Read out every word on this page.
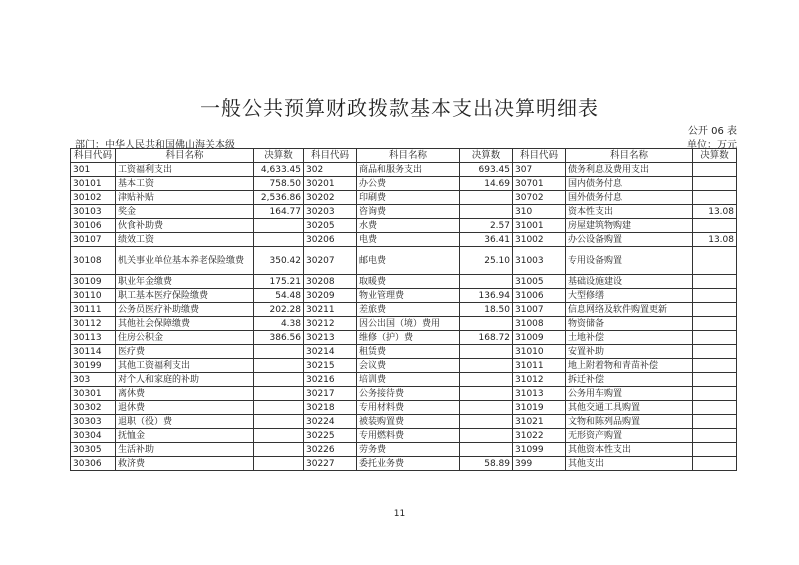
一般公共预算财政拨款基本支出决算明细表
公开 06 表
部门：中华人民共和国佛山海关本级	单位：万元
科目代码	科目名称	决算数	科目代码	科目名称	决算数	科目代码	科目名称	决算数
301	工资福利支出	4,633.45	302	商品和服务支出	693.45	307	债务利息及费用支出	
30101	基本工资	758.50	30201	办公费	14.69	30701	国内债务付息	
30102	津贴补贴	2,536.86	30202	印刷费		30702	国外债务付息	
30103	奖金	164.77	30203	咨询费		310	资本性支出	13.08
30106	伙食补助费		30205	水费	2.57	31001	房屋建筑物购建	
30107	绩效工资		30206	电费	36.41	31002	办公设备购置	13.08
30108	机关事业单位基本养老保险缴费	350.42	30207	邮电费	25.10	31003	专用设备购置	
30109	职业年金缴费	175.21	30208	取暖费		31005	基础设施建设	
30110	职工基本医疗保险缴费	54.48	30209	物业管理费	136.94	31006	大型修缮	
30111	公务员医疗补助缴费	202.28	30211	差旅费	18.50	31007	信息网络及软件购置更新	
30112	其他社会保障缴费	4.38	30212	因公出国（境）费用		31008	物资储备	
30113	住房公积金	386.56	30213	维修（护）费	168.72	31009	土地补偿	
30114	医疗费		30214	租赁费		31010	安置补助	
30199	其他工资福利支出		30215	会议费		31011	地上附着物和青苗补偿	
303	对个人和家庭的补助		30216	培训费		31012	拆迁补偿	
30301	离休费		30217	公务接待费		31013	公务用车购置	
30302	退休费		30218	专用材料费		31019	其他交通工具购置	
30303	退职（役）费		30224	被装购置费		31021	文物和陈列品购置	
30304	抚恤金		30225	专用燃料费		31022	无形资产购置	
30305	生活补助		30226	劳务费		31099	其他资本性支出	
30306	救济费		30227	委托业务费	58.89	399	其他支出	
11
